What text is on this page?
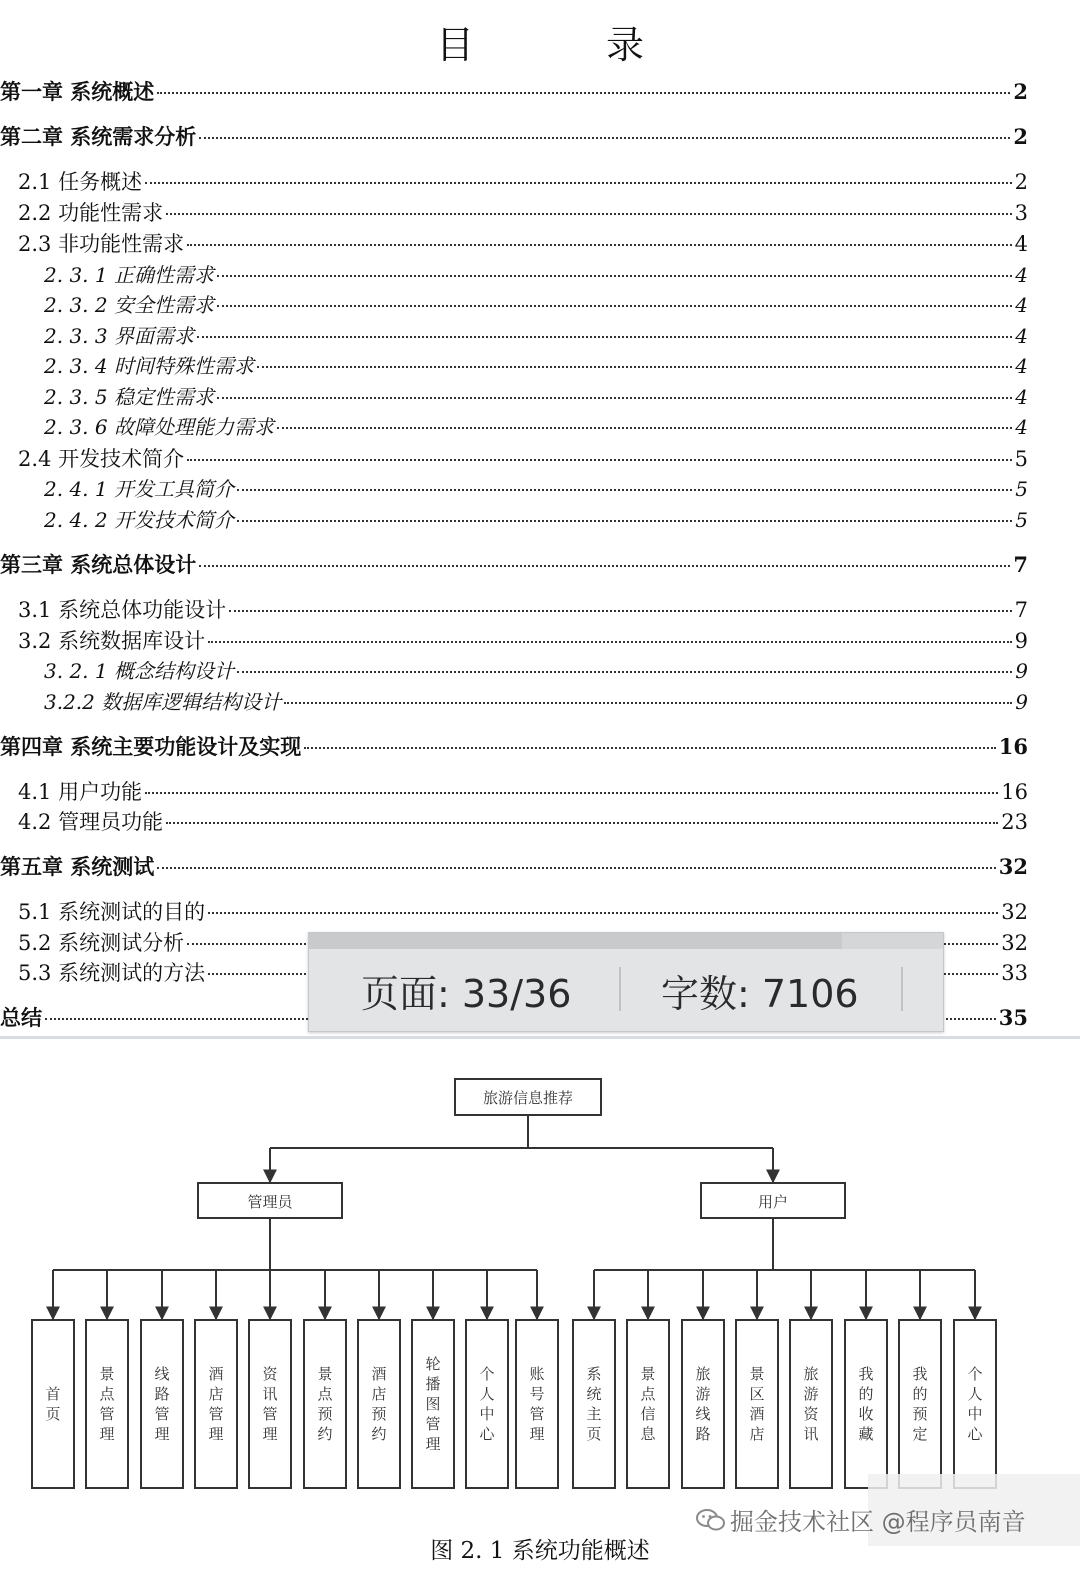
目 录
第一章 系统概述	2
第二章 系统需求分析	2
2.1 任务概述	2
2.2 功能性需求	3
2.3 非功能性需求	4
2. 3. 1 正确性需求	4
2. 3. 2 安全性需求	4
2. 3. 3 界面需求	4
2. 3. 4 时间特殊性需求	4
2. 3. 5 稳定性需求	4
2. 3. 6 故障处理能力需求	4
2.4 开发技术简介	5
2. 4. 1 开发工具简介	5
2. 4. 2 开发技术简介	5
第三章 系统总体设计	7
3.1 系统总体功能设计	7
3.2 系统数据库设计	9
3. 2. 1 概念结构设计	9
3.2.2 数据库逻辑结构设计	9
第四章 系统主要功能设计及实现	16
4.1 用户功能	16
4.2 管理员功能	23
第五章 系统测试	32
5.1 系统测试的目的	32
5.2 系统测试分析	32
5.3 系统测试的方法	33
总结	35
页面: 33/36 字数: 7106
旅游信息推荐
管理员
首页
景点管理
线路管理
酒店管理
资讯管理
景点预约
酒店预约
轮播图管理
个人中心
账号管理
用户
系统主页
景点信息
旅游线路
景区酒店
旅游资讯
我的收藏
我的预定
个人中心
掘金技术社区 @程序员南音
图 2. 1 系统功能概述
